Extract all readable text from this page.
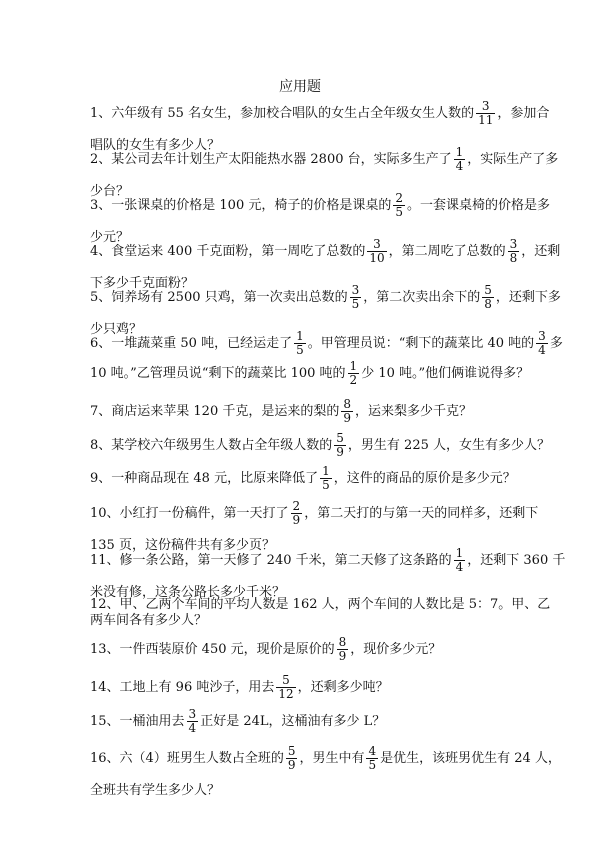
应用题
1、六年级有 55 名女生，参加校合唱队的女生占全年级女生人数的 $\frac{3}{11}$ ，参加合
唱队的女生有多少人？
2、某公司去年计划生产太阳能热水器 2800 台，实际多生产了 $\frac{1}{4}$ ，实际生产了多
少台？
3、一张课桌的价格是 100 元，椅子的价格是课桌的 $\frac{2}{5}$ 。一套课桌椅的价格是多
少元？
4、食堂运来 400 千克面粉，第一周吃了总数的 $\frac{3}{10}$ ，第二周吃了总数的 $\frac{3}{8}$ ，还剩
下多少千克面粉？
5、饲养场有 2500 只鸡，第一次卖出总数的 $\frac{3}{5}$ ，第二次卖出余下的 $\frac{5}{8}$ ，还剩下多
少只鸡？
6、一堆蔬菜重 50 吨，已经运走了 $\frac{1}{5}$ 。甲管理员说：“剩下的蔬菜比 40 吨的 $\frac{3}{4}$ 多
10 吨。”乙管理员说“剩下的蔬菜比 100 吨的 $\frac{1}{2}$ 少 10 吨。”他们俩谁说得多？
7、商店运来苹果 120 千克，是运来的梨的 $\frac{8}{9}$ ，运来梨多少千克？
8、某学校六年级男生人数占全年级人数的 $\frac{5}{9}$ ，男生有 225 人，女生有多少人？
9、一种商品现在 48 元，比原来降低了 $\frac{1}{5}$ ，这件的商品的原价是多少元？
10、小红打一份稿件，第一天打了 $\frac{2}{9}$ ，第二天打的与第一天的同样多，还剩下
135 页，这份稿件共有多少页？
11、修一条公路，第一天修了 240 千米，第二天修了这条路的 $\frac{1}{4}$ ，还剩下 360 千
米没有修，这条公路长多少千米？
12、甲、乙两个车间的平均人数是 162 人，两个车间的人数比是 5：7。甲、乙
两车间各有多少人？
13、一件西装原价 450 元，现价是原价的 $\frac{8}{9}$ ，现价多少元？
14、工地上有 96 吨沙子，用去 $\frac{5}{12}$ ，还剩多少吨？
15、一桶油用去 $\frac{3}{4}$ 正好是 24L，这桶油有多少 L？
16、六（4）班男生人数占全班的 $\frac{5}{9}$ ，男生中有 $\frac{4}{5}$ 是优生，该班男优生有 24 人，
全班共有学生多少人？
